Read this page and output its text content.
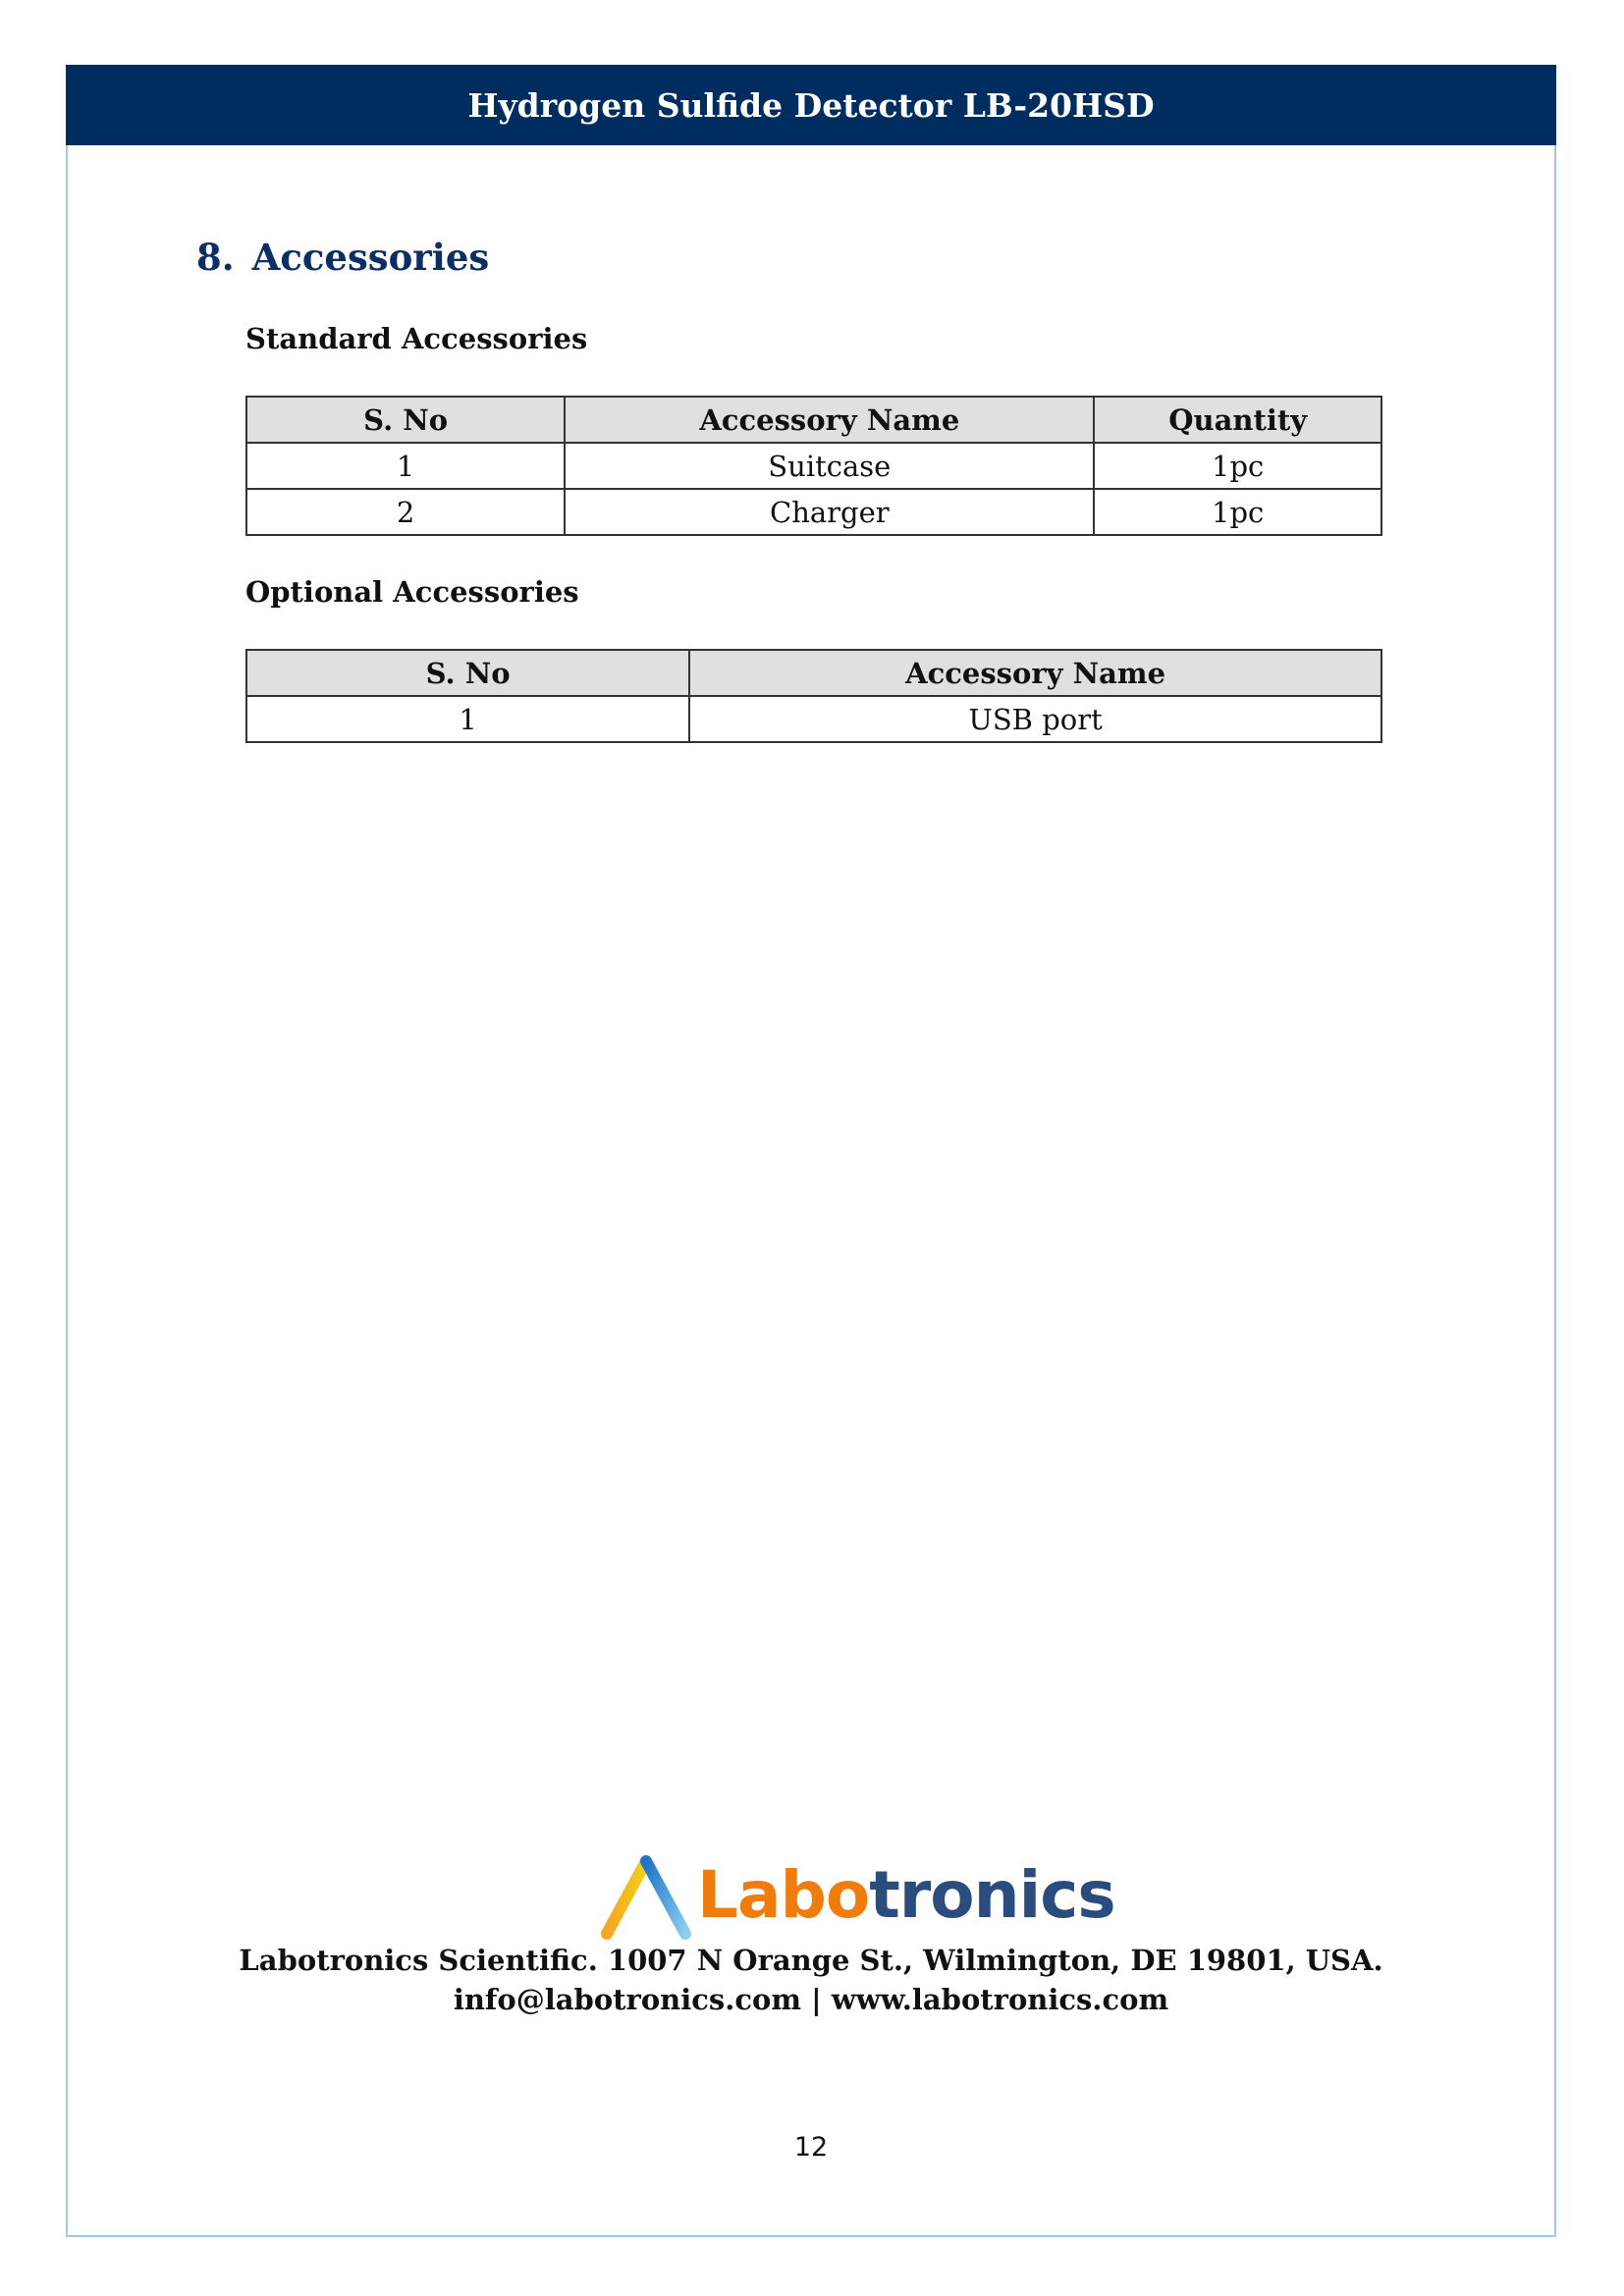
Hydrogen Sulfide Detector LB-20HSD
8. Accessories
Standard Accessories
S. No	Accessory Name	Quantity
1	Suitcase	1pc
2	Charger	1pc
Optional Accessories
S. No	Accessory Name
1	USB port
Labotronics
Labotronics Scientific. 1007 N Orange St., Wilmington, DE 19801, USA.
info@labotronics.com | www.labotronics.com
12
